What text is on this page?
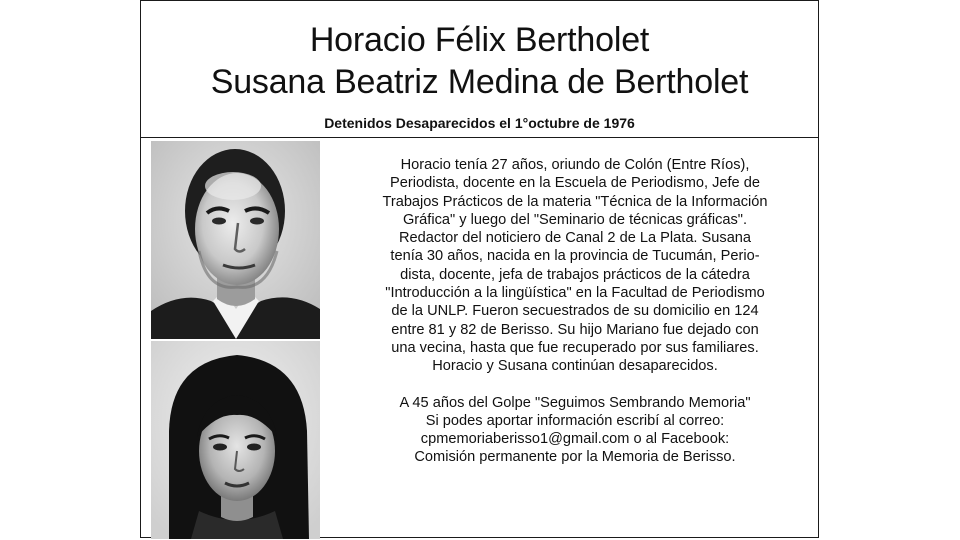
Horacio Félix Bertholet
Susana Beatriz Medina de Bertholet
Detenidos Desaparecidos el 1°octubre de 1976

Horacio tenía 27 años, oriundo de Colón (Entre Ríos),

Periodista, docente en la Escuela de Periodismo, Jefe de

Trabajos Prácticos de la materia "Técnica de la Información

Gráfica" y luego del "Seminario de técnicas gráficas".

Redactor del noticiero de Canal 2 de La Plata. Susana

tenía 30 años, nacida en la provincia de Tucumán, Perio-

dista, docente, jefa de trabajos prácticos de la cátedra

"Introducción a la lingüística" en la Facultad de Periodismo

de la UNLP. Fueron secuestrados de su domicilio en 124

entre 81 y 82 de Berisso. Su hijo Mariano fue dejado con

una vecina, hasta que fue recuperado por sus familiares.

Horacio y Susana continúan desaparecidos.

A 45 años del Golpe "Seguimos Sembrando Memoria"

Si podes aportar información escribí al correo:

cpmemoriaberisso1@gmail.com o al Facebook:

Comisión permanente por la Memoria de Berisso.
